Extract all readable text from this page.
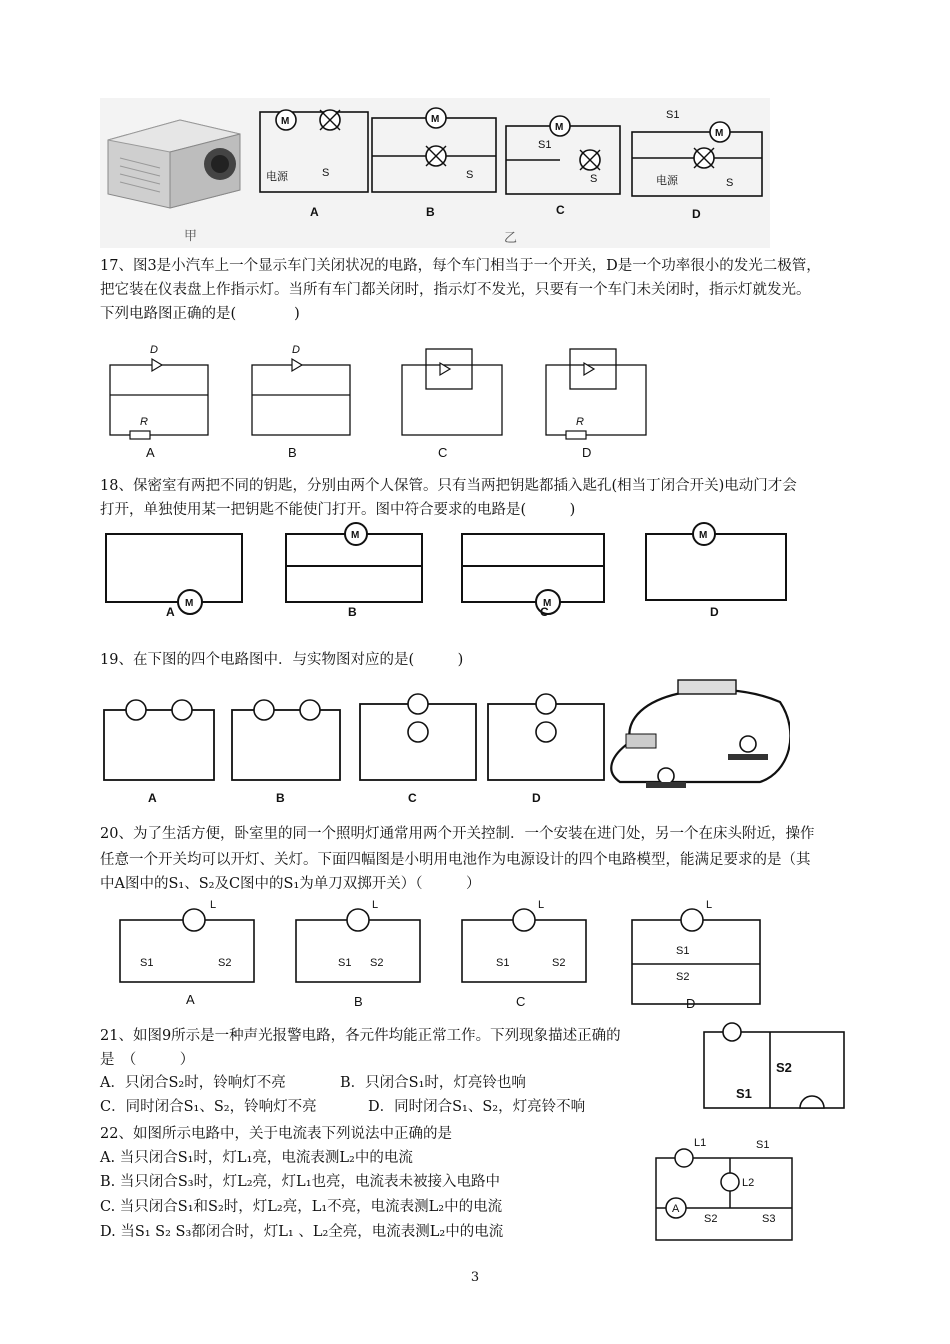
M	M
M
M
电源	电源
S	S	S	S
S1
S1
A	B	C	D
甲	乙
17、图3是小汽车上一个显示车门关闭状况的电路，每个车门相当于一个开关，D是一个功率很小的发光二极管，
把它装在仪表盘上作指示灯。当所有车门都关闭时，指示灯不发光，只要有一个车门未关闭时，指示灯就发光。
下列电路图正确的是(　　　　)
D	D
R	R
A	B	C	D
18、保密室有两把不同的钥匙，分别由两个人保管。只有当两把钥匙都插入匙孔(相当丁闭合开关)电动门才会
打开，单独使用某一把钥匙不能使门打开。图中符合要求的电路是(　　　)
M
M
M
M
A	B	C	D
19、在下图的四个电路图中．与实物图对应的是(　　　)
A	B	C	D
20、为了生活方便，卧室里的同一个照明灯通常用两个开关控制．一个安装在进门处，另一个在床头附近，操作
任意一个开关均可以开灯、关灯。下面四幅图是小明用电池作为电源设计的四个电路模型，能满足要求的是（其
中A图中的S₁、S₂及C图中的S₁为单刀双掷开关）（　　　）
L	L	L	L
S1	S2	S1 S2	S1	S2
S1
S2
A	B	C	D
21、如图9所示是一种声光报警电路，各元件均能正常工作。下列现象描述正确的
是　（　　　）
A．只闭合S₂时，铃响灯不亮	B．只闭合S₁时，灯亮铃也响
C．同时闭合S₁、S₂，铃响灯不亮	D．同时闭合S₁、S₂，灯亮铃不响
S2
S1
22、如图所示电路中，关于电流表下列说法中正确的是
A. 当只闭合S₁时，灯L₁亮，电流表测L₂中的电流
B. 当只闭合S₃时，灯L₂亮，灯L₁也亮，电流表未被接入电路中
C. 当只闭合S₁和S₂时，灯L₂亮，L₁不亮，电流表测L₂中的电流
D. 当S₁ S₂ S₃都闭合时，灯L₁ 、L₂全亮，电流表测L₂中的电流
L1
L2
S1
S2	S3
A
3
